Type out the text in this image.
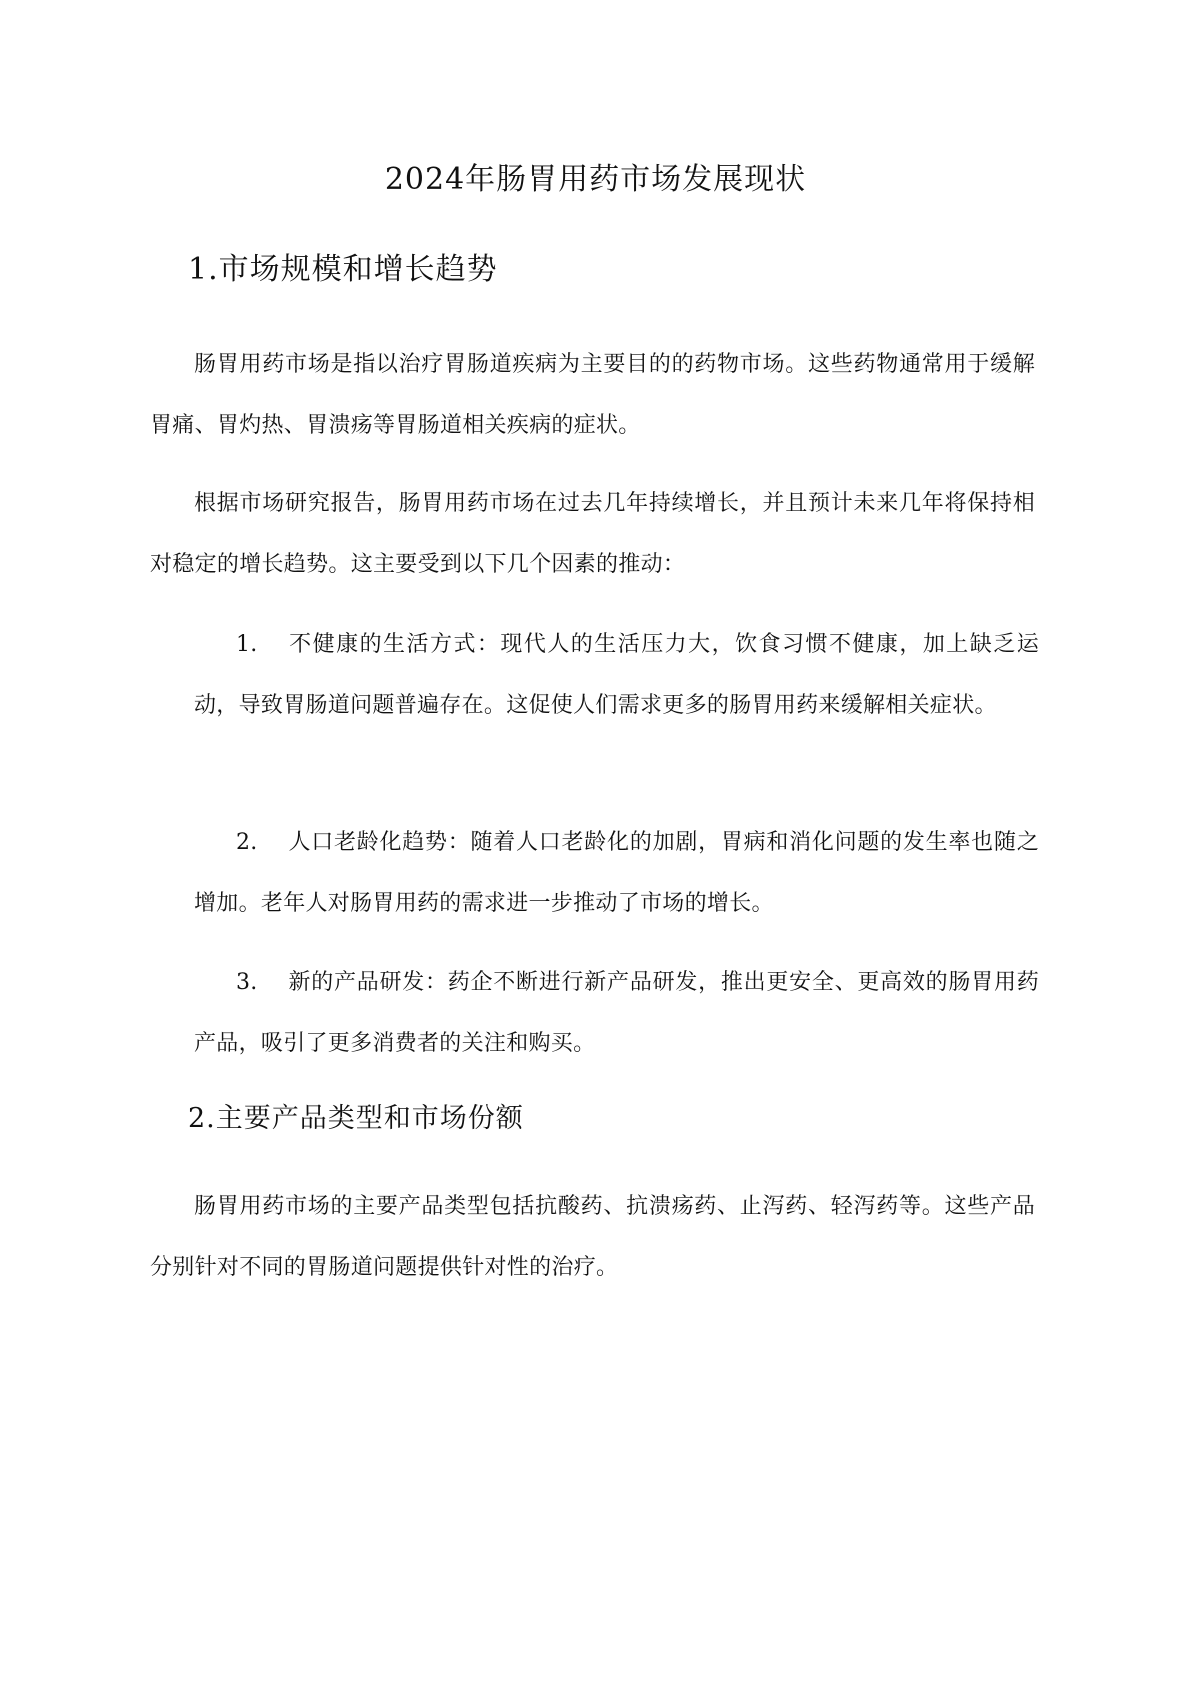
2024年肠胃用药市场发展现状
1.市场规模和增长趋势

肠胃用药市场是指以治疗胃肠道疾病为主要目的的药物市场。这些药物通常用于缓解胃痛、胃灼热、胃溃疡等胃肠道相关疾病的症状。

根据市场研究报告，肠胃用药市场在过去几年持续增长，并且预计未来几年将保持相对稳定的增长趋势。这主要受到以下几个因素的推动：

1. 不健康的生活方式：现代人的生活压力大，饮食习惯不健康，加上缺乏运动，导致胃肠道问题普遍存在。这促使人们需求更多的肠胃用药来缓解相关症状。

2. 人口老龄化趋势：随着人口老龄化的加剧，胃病和消化问题的发生率也随之增加。老年人对肠胃用药的需求进一步推动了市场的增长。

3. 新的产品研发：药企不断进行新产品研发，推出更安全、更高效的肠胃用药产品，吸引了更多消费者的关注和购买。

2.主要产品类型和市场份额

肠胃用药市场的主要产品类型包括抗酸药、抗溃疡药、止泻药、轻泻药等。这些产品分别针对不同的胃肠道问题提供针对性的治疗。
